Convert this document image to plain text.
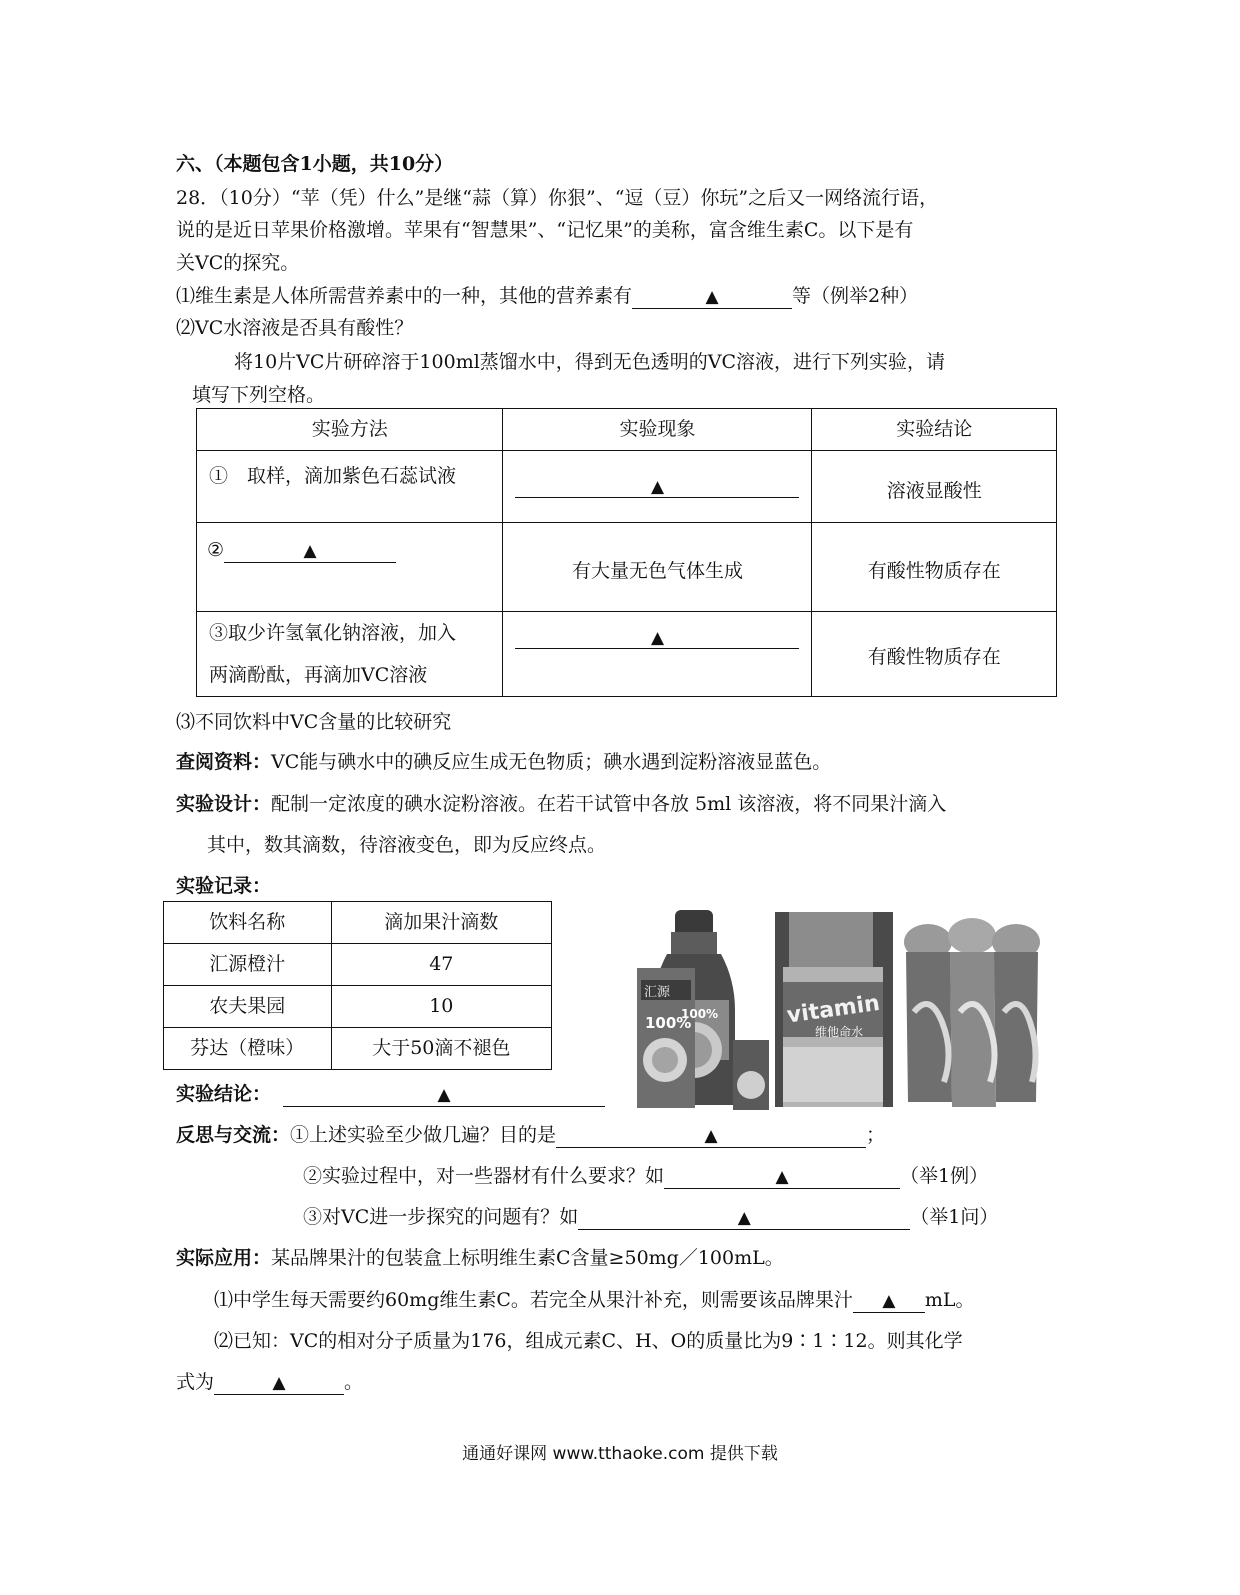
六、（本题包含1小题，共10分）
28．（10分）“苹（凭）什么”是继“蒜（算）你狠”、“逗（豆）你玩”之后又一网络流行语，
说的是近日苹果价格激增。苹果有“智慧果”、“记忆果”的美称，富含维生素C。以下是有
关VC的探究。
⑴维生素是人体所需营养素中的一种，其他的营养素有	▲	等（例举2种）
⑵VC水溶液是否具有酸性？
将10片VC片研碎溶于100ml蒸馏水中，得到无色透明的VC溶液，进行下列实验，请
填写下列空格。
实验方法	实验现象	实验结论
①　取样，滴加紫色石蕊试液	▲	溶液显酸性
② ▲	有大量无色气体生成	有酸性物质存在

③取少许氢氧化钠溶液，加入
两滴酚酞，再滴加VC溶液	▲	有酸性物质存在
⑶不同饮料中VC含量的比较研究
查阅资料：VC能与碘水中的碘反应生成无色物质；碘水遇到淀粉溶液显蓝色。
实验设计：配制一定浓度的碘水淀粉溶液。在若干试管中各放 5ml 该溶液，将不同果汁滴入
其中，数其滴数，待溶液变色，即为反应终点。
实验记录：
饮料名称	滴加果汁滴数
汇源橙汁	47
农夫果园	10
芬达（橙味）	大于50滴不褪色
汇源
100%
100%	vitamin
维他命水
实验结论：	▲
反思与交流：①上述实验至少做几遍？目的是	▲	；
②实验过程中，对一些器材有什么要求？如	▲	（举1例）
③对VC进一步探究的问题有？如	▲	（举1问）
实际应用：某品牌果汁的包装盒上标明维生素C含量≥50mg／100mL。
⑴中学生每天需要约60mg维生素C。若完全从果汁补充，则需要该品牌果汁 ▲ mL。
⑵已知：VC的相对分子质量为176，组成元素C、H、O的质量比为9∶1∶12。则其化学
式为	▲	。
通通好课网 www.tthaoke.com 提供下载
